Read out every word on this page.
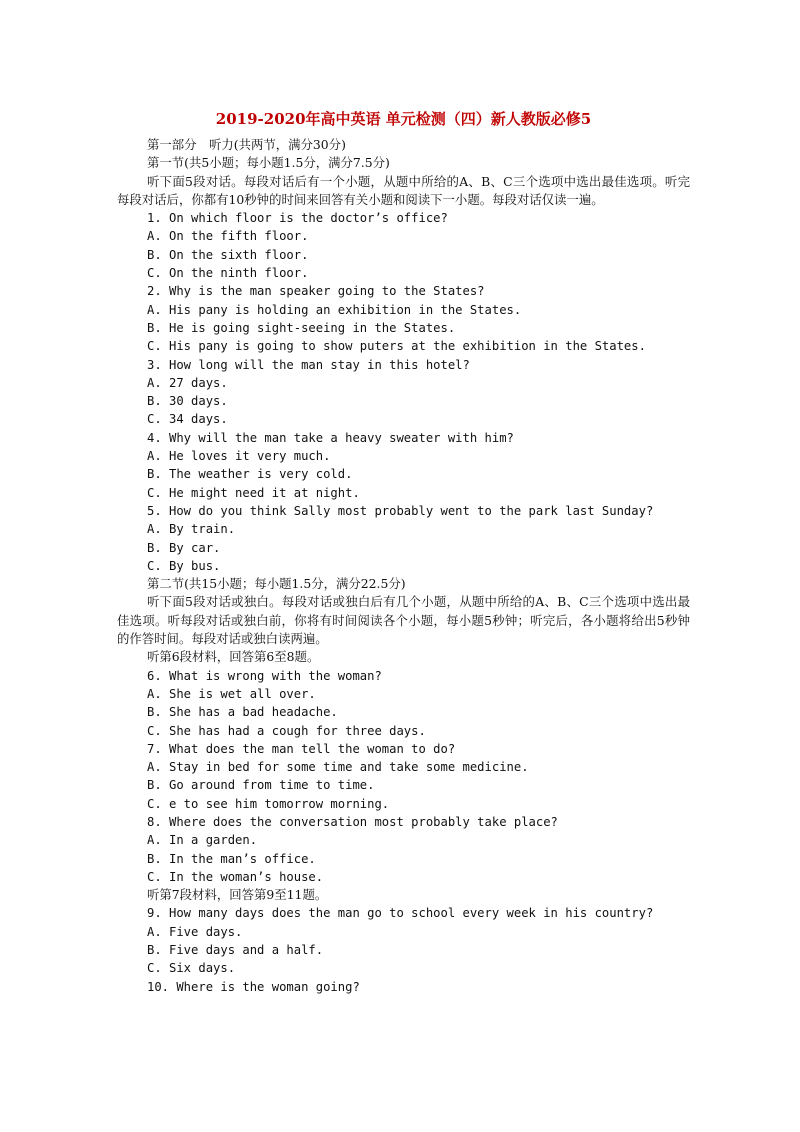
2019-2020年高中英语 单元检测（四）新人教版必修5
第一部分　听力(共两节，满分30分)
第一节(共5小题；每小题1.5分，满分7.5分)
听下面5段对话。每段对话后有一个小题，从题中所给的A、B、C三个选项中选出最佳选项。听完每段对话后，你都有10秒钟的时间来回答有关小题和阅读下一小题。每段对话仅读一遍。
1. On which floor is the doctor’s office?
A. On the fifth floor.
B. On the sixth floor.
C. On the ninth floor.
2. Why is the man speaker going to the States?
A. His pany is holding an exhibition in the States.
B. He is going sight-seeing in the States.
C. His pany is going to show puters at the exhibition in the States.
3. How long will the man stay in this hotel?
A. 27 days.
B. 30 days.
C. 34 days.
4. Why will the man take a heavy sweater with him?
A. He loves it very much.
B. The weather is very cold.
C. He might need it at night.
5. How do you think Sally most probably went to the park last Sunday?
A. By train.
B. By car.
C. By bus.
第二节(共15小题；每小题1.5分，满分22.5分)
听下面5段对话或独白。每段对话或独白后有几个小题，从题中所给的A、B、C三个选项中选出最佳选项。听每段对话或独白前，你将有时间阅读各个小题，每小题5秒钟；听完后，各小题将给出5秒钟的作答时间。每段对话或独白读两遍。
听第6段材料，回答第6至8题。
6. What is wrong with the woman?
A. She is wet all over.
B. She has a bad headache.
C. She has had a cough for three days.
7. What does the man tell the woman to do?
A. Stay in bed for some time and take some medicine.
B. Go around from time to time.
C. e to see him tomorrow morning.
8. Where does the conversation most probably take place?
A. In a garden.
B. In the man’s office.
C. In the woman’s house.
听第7段材料，回答第9至11题。
9. How many days does the man go to school every week in his country?
A. Five days.
B. Five days and a half.
C. Six days.
10. Where is the woman going?
